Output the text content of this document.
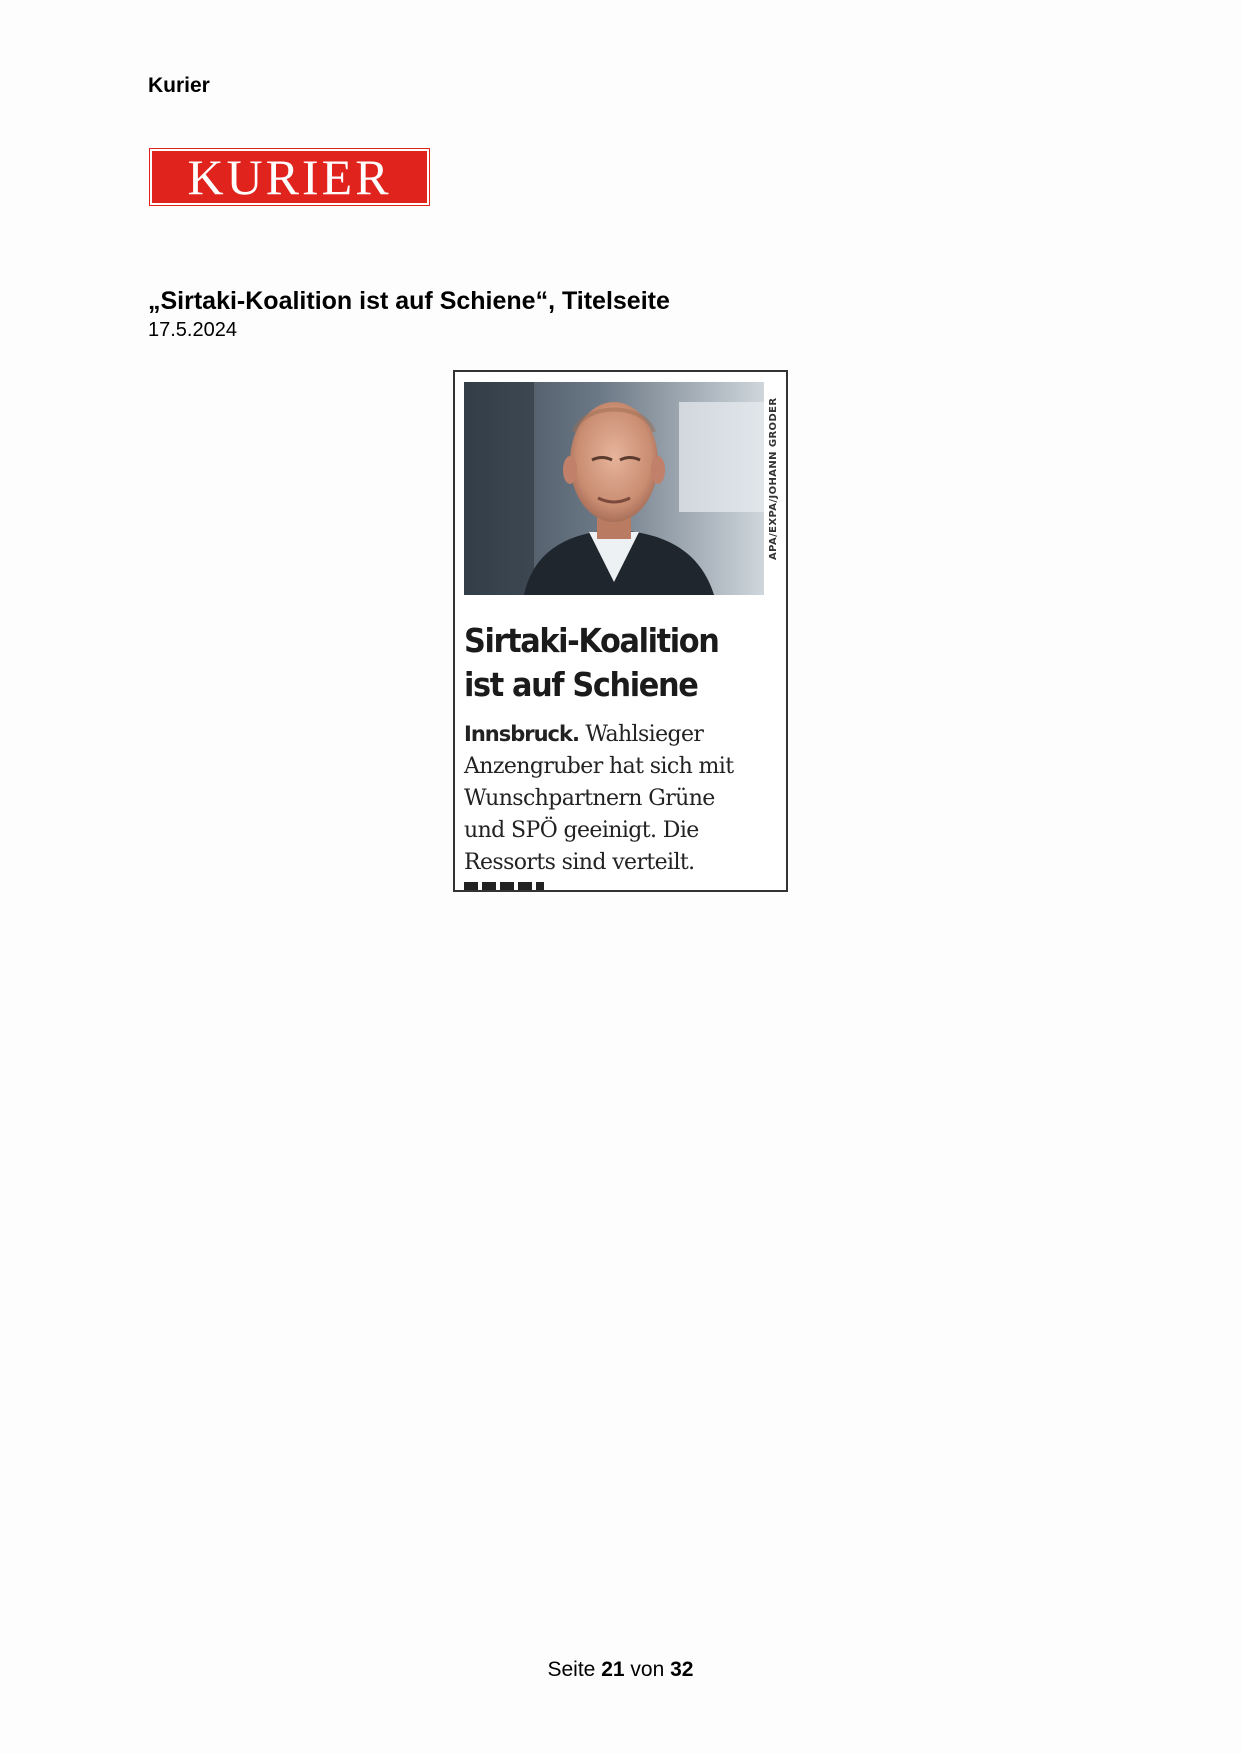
Kurier
KURIER
„Sirtaki-Koalition ist auf Schiene“, Titelseite
17.5.2024
APA/EXPA/JOHANN GRODER
Sirtaki-Koalition
ist auf Schiene
Innsbruck. Wahlsieger
Anzengruber hat sich mit
Wunschpartnern Grüne
und SPÖ geeinigt. Die
Ressorts sind verteilt.
Seite 21 von 32
